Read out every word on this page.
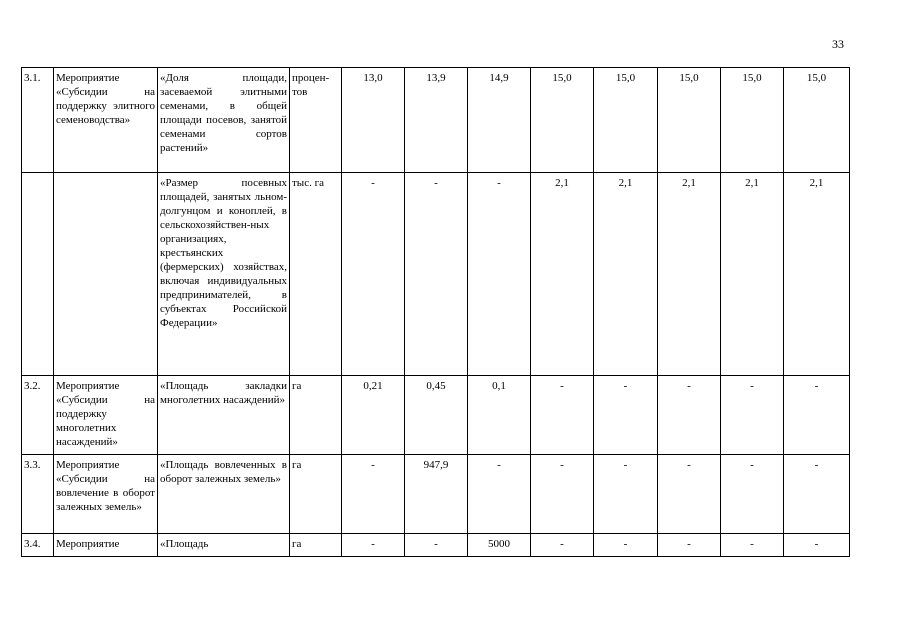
33
3.1.	Мероприятие «Субсидии на поддержку элитного семеноводства»	«Доля площади, засеваемой элитными семенами, в общей площади посевов, занятой семенами сортов растений»	процен-тов	13,0	13,9	14,9	15,0	15,0	15,0	15,0	15,0
		«Размер посевных площадей, занятых льном-долгунцом и коноплей, в сельскохозяйствен-ных организациях, крестьянских (фермерских) хозяйствах, включая индивидуальных предпринимателей, в субъектах Российской Федерации»	тыс. га	-	-	-	2,1	2,1	2,1	2,1	2,1
3.2.	Мероприятие «Субсидии на поддержку многолетних насаждений»	«Площадь закладки многолетних насаждений»	га	0,21	0,45	0,1	-	-	-	-	-
3.3.	Мероприятие «Субсидии на вовлечение в оборот залежных земель»	«Площадь вовлеченных в оборот залежных земель»	га	-	947,9	-	-	-	-	-	-
3.4.	Мероприятие	«Площадь	га	-	-	5000	-	-	-	-	-
